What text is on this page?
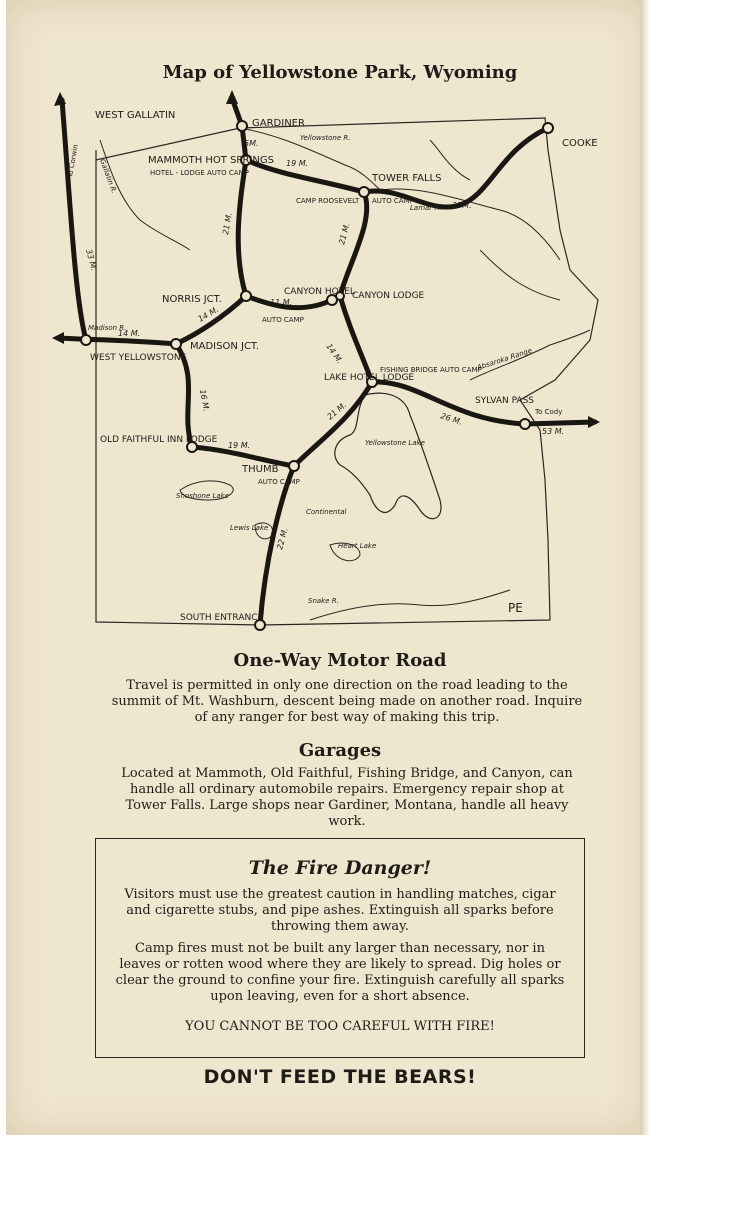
Map of Yellowstone Park, Wyoming
WEST GALLATIN
GARDINER
MAMMOTH HOT SPRINGS
HOTEL - LODGE AUTO CAMP	TOWER FALLS
COOKE
CAMP ROOSEVELT AUTO CAMP
NORRIS JCT.
CANYON HOTEL
CANYON LODGE
AUTO CAMP
WEST YELLOWSTONE
MADISON JCT.
LAKE HOTEL LODGE
FISHING BRIDGE AUTO CAMP
SYLVAN PASS
To Cody
OLD FAITHFUL INN LODGE
THUMB
AUTO CAMP
SOUTH ENTRANCE
To Corwin
Absaroka Range
Yellowstone R.
Yellowstone Lake
Lamar R.
Gallatin R.
Madison R.
Shoshone Lake
Lewis Lake
Heart Lake
Snake R.
Continental
PE
5M.
19 M.
35M.
33 M.
21 M.	21 M.
11 M.
14 M.
14 M.
14 M.
16 M.
19 M.
21 M.	26 M.
22 M.
53 M.
One-Way Motor Road
Travel is permitted in only one direction on the road leading to the summit of Mt. Washburn, descent being made on another road. Inquire of any ranger for best way of making this trip.
Garages
Located at Mammoth, Old Faithful, Fishing Bridge, and Canyon, can handle all ordinary automobile repairs. Emergency repair shop at Tower Falls. Large shops near Gardiner, Montana, handle all heavy work.
The Fire Danger!
Visitors must use the greatest caution in handling matches, cigar and cigarette stubs, and pipe ashes. Extinguish all sparks before throwing them away.
Camp fires must not be built any larger than necessary, nor in leaves or rotten wood where they are likely to spread. Dig holes or clear the ground to confine your fire. Extinguish carefully all sparks upon leaving, even for a short absence.
YOU CANNOT BE TOO CAREFUL WITH FIRE!
DON'T FEED THE BEARS!
